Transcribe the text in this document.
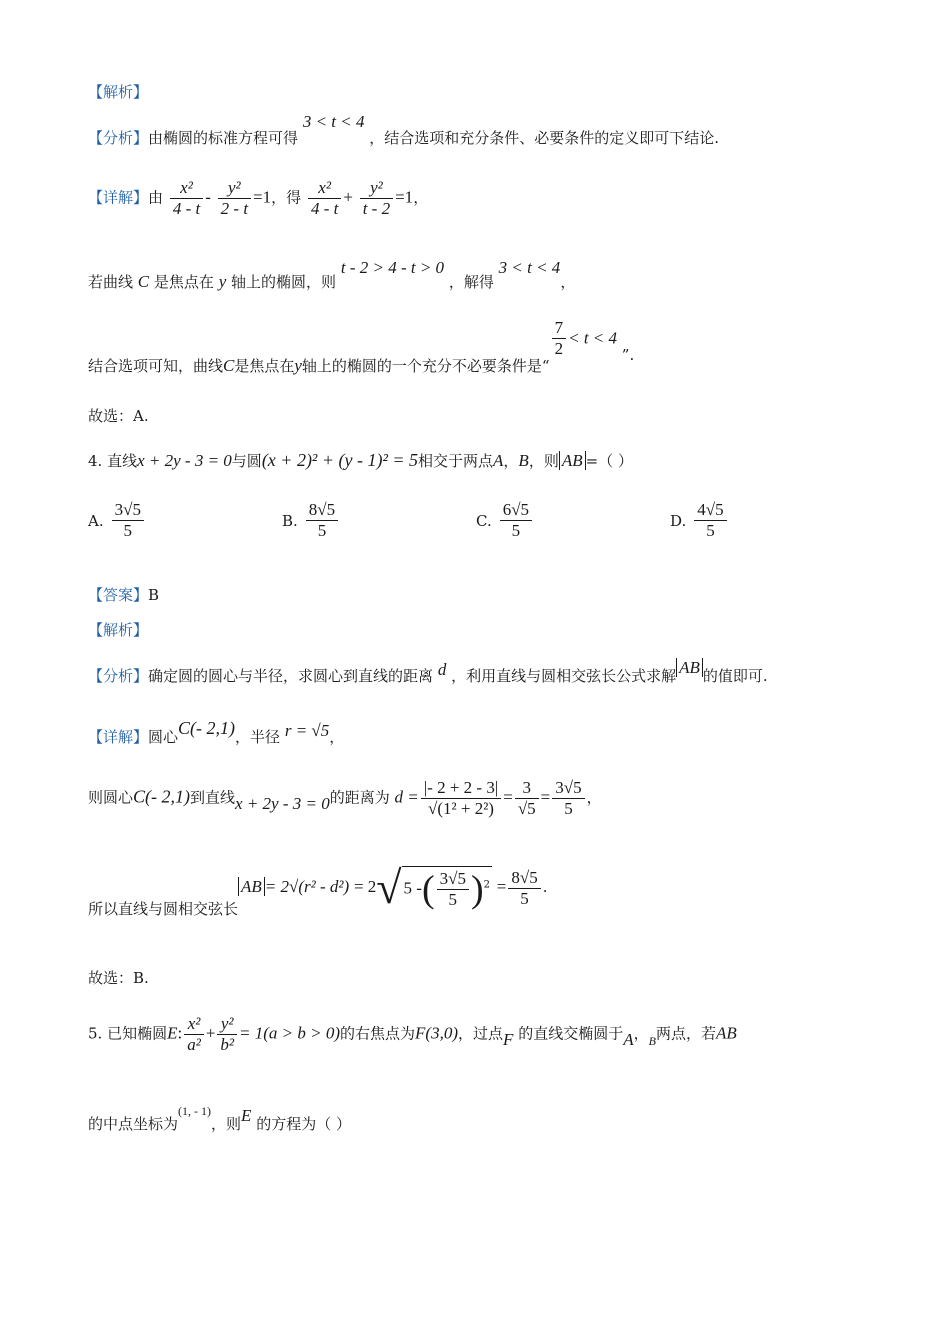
【解析】
【分析】由椭圆的标准方程可得 3 < t < 4 ，结合选项和充分条件、必要条件的定义即可下结论.
【详解】由 $\frac{\text{x²}}{4 - t} - \frac{\text{y²}}{2 - t} =1$，得 $\frac{\text{x²}}{4 - t} + \frac{\text{y²}}{t - 2} =1$，
若曲线 C 是焦点在 y 轴上的椭圆，则 t - 2 > 4 - t > 0 ，解得 3 < t < 4，
结合选项可知，曲线C是焦点在y轴上的椭圆的一个充分不必要条件是“
$\frac{7}{2} < t < 4$ ”.
故选：A.
4. 直线x + 2y - 3 = 0与圆(x + 2)² + (y - 1)² = 5相交于两点A，B，则 AB =（ ）
A. $\frac{3√5}{5}$	B. $\frac{8√5}{5}$	C. $\frac{6√5}{5}$	D. $\frac{4√5}{5}$
【答案】B
【解析】
【分析】确定圆的圆心与半径，求圆心到直线的距离 d ，利用直线与圆相交弦长公式求解 AB 的值即可.
【详解】圆心C(- 2,1)，半径 r = √5，
则圆心C(- 2,1)到直线x + 2y - 3 = 0的距离为 $d = \frac{|- 2 + 2 - 3|}{\text{√(1² + 2²)}} = \frac{3}{√5} = \frac{3√5}{5}$ ，
所以直线与圆相交弦长AB = 2√(r² - d²) = 2√ 5 -( $\frac{3√5}{5} )^2 = \frac{8√5}{5}$ .
故选：B.
5. 已知椭圆E: $\frac{\text{x²}}{\text{a²}} + \frac{\text{y²}}{\text{b²}} = 1(a > b > 0)$的右焦点为F(3,0)，过点F 的直线交椭圆于A，$_B$两点，若AB
的中点坐标为$^{(1, - 1)}$，则E 的方程为（ ）
